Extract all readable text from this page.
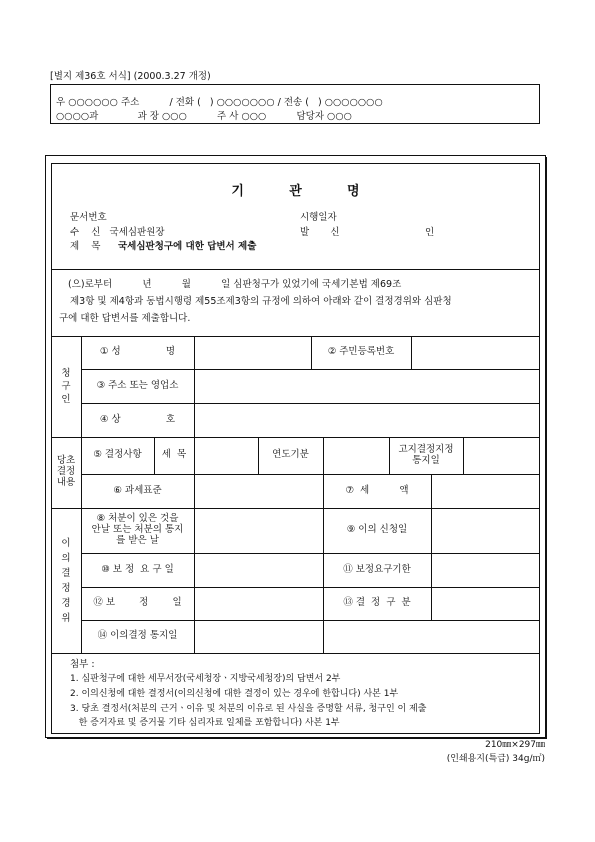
[별지 제36호 서식] (2000.3.27 개정)
우 ○○○○○○ 주소          / 전화 (   ) ○○○○○○○ / 전송 (   ) ○○○○○○○
○○○○과             과 장 ○○○          주 사 ○○○          담당자 ○○○
기          관          명
문서번호	시행일자
수    신   국세심판원장	발       신	인
제    목 국세심판청구에 대한 답변서 제출
(으)로부터          년          월          일 심판청구가 있었기에 국세기본법 제69조
제3항 및 제4항과 동법시행령 제55조제3항의 규정에 의하여 아래와 같이 결정경위와 심판청
구에 대한 답변서를 제출합니다.
청구인
당초
결정
내용
이의결정경위
① 성               명	② 주민등록번호
③ 주소 또는 영업소
④ 상               호
⑤ 결정사항	세  목	연도기분	고지결정지정
통지일
⑥ 과세표준	⑦  세          액
⑧ 처분이 있은 것을
안날 또는 처분의 통지
를 받은 날
⑨ 이의 신청일
⑩ 보 정  요 구 일	⑪ 보정요구기한
⑫ 보        정        일	⑬ 결  정  구  분
⑭ 이의결정 통지일
첨부 :
1. 심판청구에 대한 세무서장(국세청장ㆍ지방국세청장)의 답변서 2부
2. 이의신청에 대한 결정서(이의신청에 대한 결정이 있는 경우에 한합니다) 사본 1부
3. 당초 결정서(처분의 근거ㆍ이유 및 처분의 이유로 된 사실을 증명할 서류, 청구인 이 제출
한 증거자료 및 증거물 기타 심리자료 일체를 포함합니다) 사본 1부
210㎜×297㎜
(인쇄용지(특급) 34g/㎡)
